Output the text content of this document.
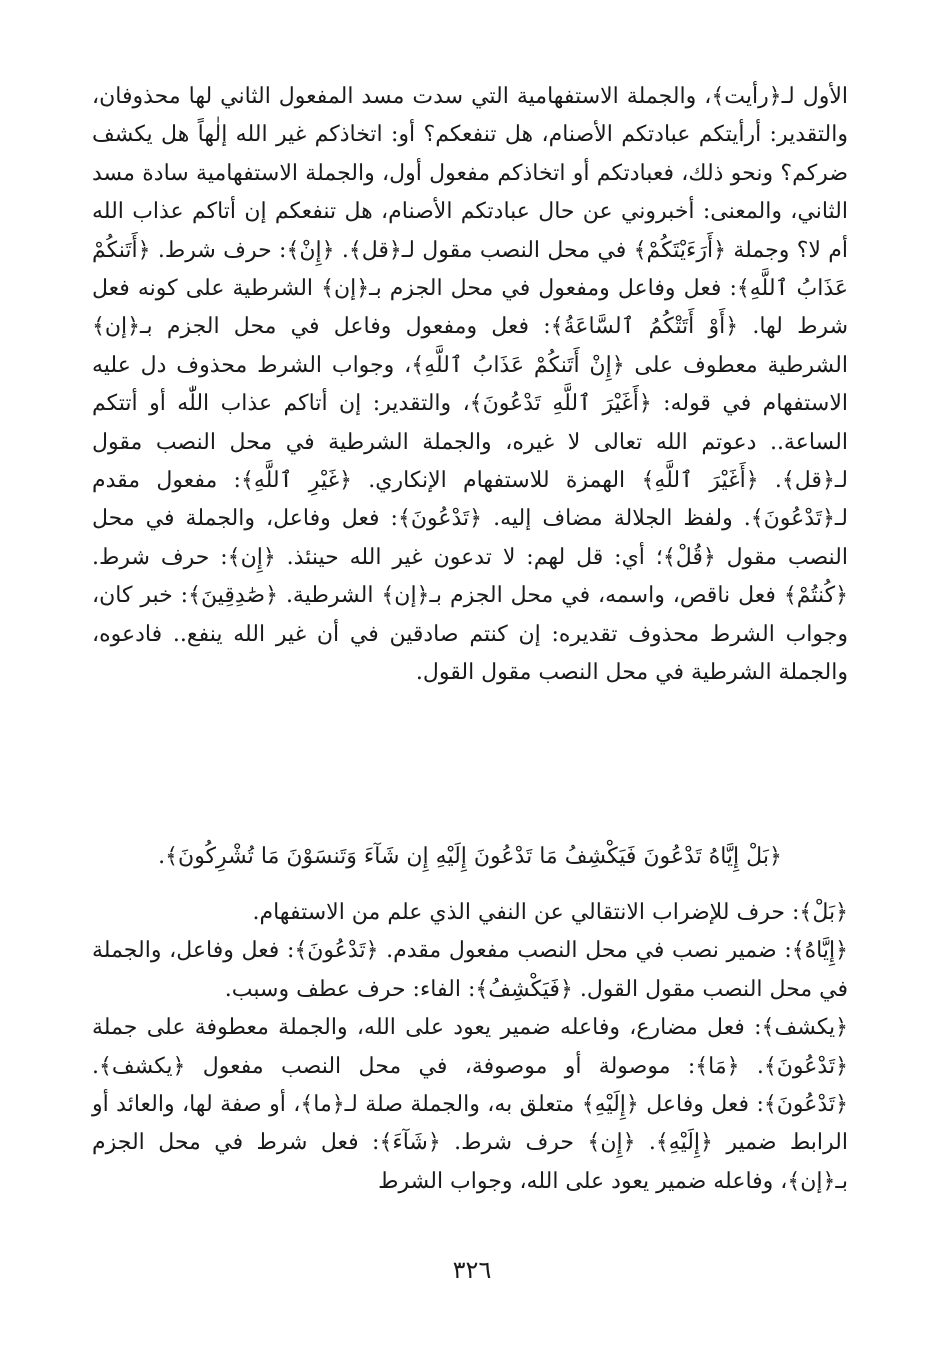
الأول لـ﴿رأيت﴾، والجملة الاستفهامية التي سدت مسد المفعول الثاني لها محذوفان، والتقدير: أرأيتكم عبادتكم الأصنام، هل تنفعكم؟ أو: اتخاذكم غير الله إلٰهاً هل يكشف ضركم؟ ونحو ذلك، فعبادتكم أو اتخاذكم مفعول أول، والجملة الاستفهامية سادة مسد الثاني، والمعنى: أخبروني عن حال عبادتكم الأصنام، هل تنفعكم إن أتاكم عذاب الله أم لا؟ وجملة ﴿أَرَءَيْتَكُمْ﴾ في محل النصب مقول لـ﴿قل﴾. ﴿إِنْ﴾: حرف شرط. ﴿أَتَنكُمْ عَذَابُ ٱللَّهِ﴾: فعل وفاعل ومفعول في محل الجزم بـ﴿إن﴾ الشرطية على كونه فعل شرط لها. ﴿أَوْ أَتَتْكُمُ ٱلسَّاعَةُ﴾: فعل ومفعول وفاعل في محل الجزم بـ﴿إن﴾ الشرطية معطوف على ﴿إِنْ أَتَنكُمْ عَذَابُ ٱللَّهِ﴾، وجواب الشرط محذوف دل عليه الاستفهام في قوله: ﴿أَغَيْرَ ٱللَّهِ تَدْعُونَ﴾، والتقدير: إن أتاكم عذاب اللّٰه أو أتتكم الساعة.. دعوتم الله تعالى لا غيره، والجملة الشرطية في محل النصب مقول لـ﴿قل﴾. ﴿أَغَيْرَ ٱللَّهِ﴾ الهمزة للاستفهام الإنكاري. ﴿غَيْرِ ٱللَّهِ﴾: مفعول مقدم لـ﴿تَدْعُونَ﴾. ولفظ الجلالة مضاف إليه. ﴿تَدْعُونَ﴾: فعل وفاعل، والجملة في محل النصب مقول ﴿قُلْ﴾؛ أي: قل لهم: لا تدعون غير الله حينئذ. ﴿إِن﴾: حرف شرط. ﴿كُنتُمْ﴾ فعل ناقص، واسمه، في محل الجزم بـ﴿إن﴾ الشرطية. ﴿صَٰدِقِينَ﴾: خبر كان، وجواب الشرط محذوف تقديره: إن كنتم صادقين في أن غير الله ينفع.. فادعوه، والجملة الشرطية في محل النصب مقول القول.

﴿بَلْ إِيَّاهُ تَدْعُونَ فَيَكْشِفُ مَا تَدْعُونَ إِلَيْهِ إِن شَآءَ وَتَنسَوْنَ مَا تُشْرِكُونَ﴾.

﴿بَلْ﴾: حرف للإضراب الانتقالي عن النفي الذي علم من الاستفهام.

﴿إِيَّاهُ﴾: ضمير نصب في محل النصب مفعول مقدم. ﴿تَدْعُونَ﴾: فعل وفاعل، والجملة في محل النصب مقول القول. ﴿فَيَكْشِفُ﴾: الفاء: حرف عطف وسبب.

﴿يكشف﴾: فعل مضارع، وفاعله ضمير يعود على الله، والجملة معطوفة على جملة ﴿تَدْعُونَ﴾. ﴿مَا﴾: موصولة أو موصوفة، في محل النصب مفعول ﴿يكشف﴾. ﴿تَدْعُونَ﴾: فعل وفاعل ﴿إِلَيْهِ﴾ متعلق به، والجملة صلة لـ﴿ما﴾، أو صفة لها، والعائد أو الرابط ضمير ﴿إِلَيْهِ﴾. ﴿إِن﴾ حرف شرط. ﴿شَآءَ﴾: فعل شرط في محل الجزم بـ﴿إن﴾، وفاعله ضمير يعود على الله، وجواب الشرط

٣٢٦
